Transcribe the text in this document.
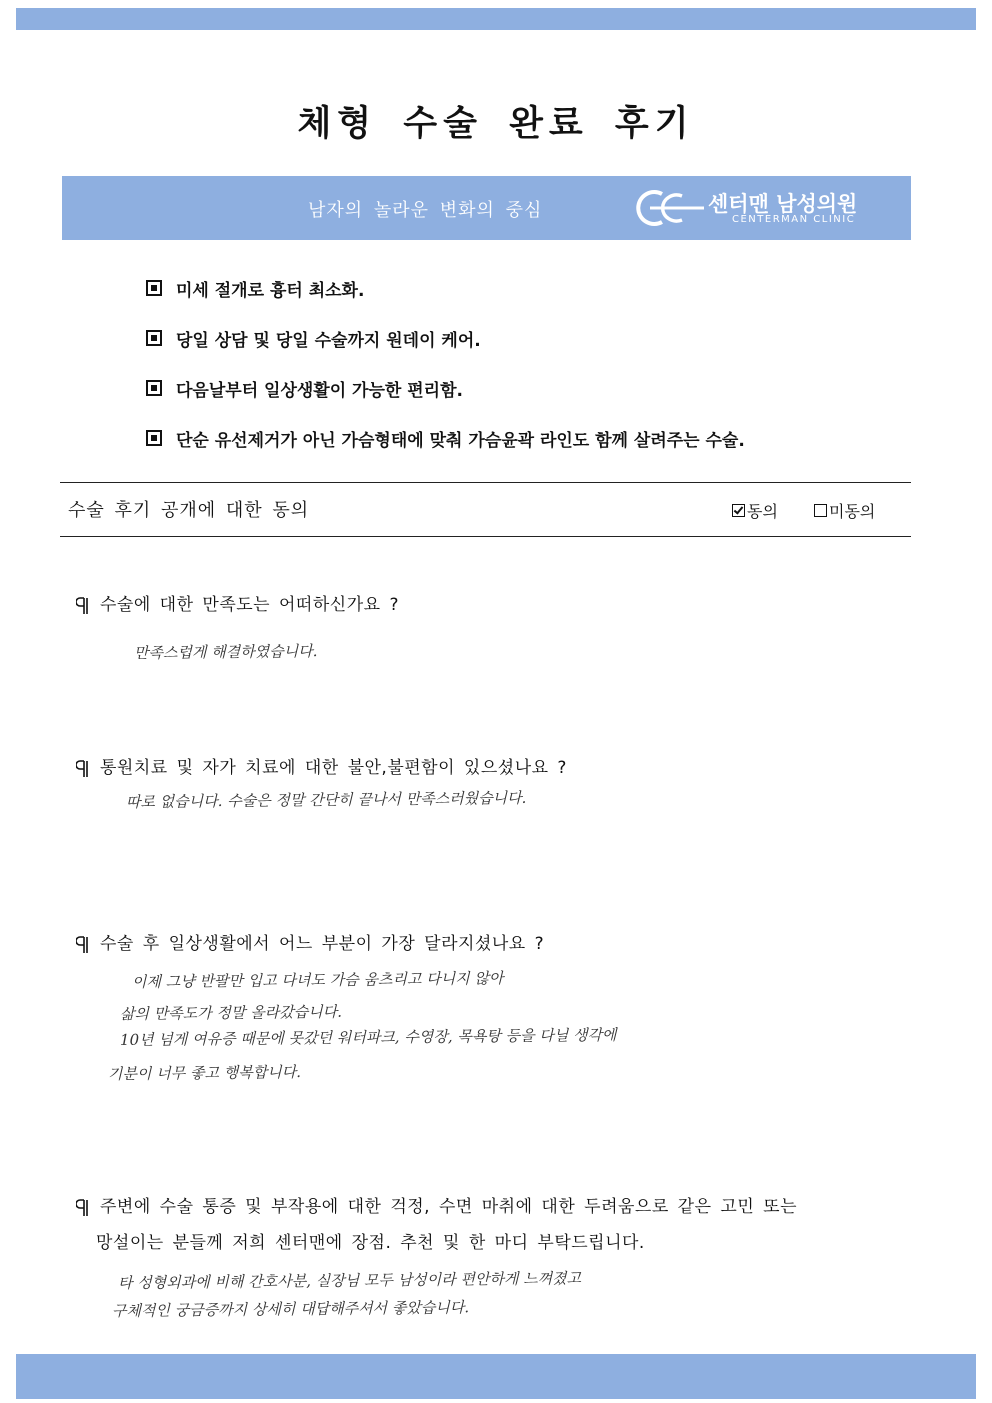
체형 수술 완료 후기
남자의 놀라운 변화의 중심	센터맨 남성의원
CENTERMAN CLINIC
미세 절개로 흉터 최소화.
당일 상담 및 당일 수술까지 원데이 케어.
다음날부터 일상생활이 가능한 편리함.
단순 유선제거가 아닌 가슴형태에 맞춰 가슴윤곽 라인도 함께 살려주는 수술.
수술 후기 공개에 대한 동의	동의	미동의
수술에 대한 만족도는 어떠하신가요 ?
만족스럽게 해결하였습니다.
통원치료 및 자가 치료에 대한 불안,불편함이 있으셨나요 ?
따로 없습니다. 수술은 정말 간단히 끝나서 만족스러웠습니다.
수술 후 일상생활에서 어느 부분이 가장 달라지셨나요 ?
이제 그냥 반팔만 입고 다녀도 가슴 움츠리고 다니지 않아
삶의 만족도가 정말 올라갔습니다.
10년 넘게 여유증 때문에 못갔던 워터파크, 수영장, 목욕탕 등을 다닐 생각에
기분이 너무 좋고 행복합니다.
주변에 수술 통증 및 부작용에 대한 걱정, 수면 마취에 대한 두려움으로 같은 고민 또는
망설이는 분들께 저희 센터맨에 장점. 추천 및 한 마디 부탁드립니다.
타 성형외과에 비해 간호사분, 실장님 모두 남성이라 편안하게 느껴졌고
구체적인 궁금증까지 상세히 대답해주셔서 좋았습니다.
